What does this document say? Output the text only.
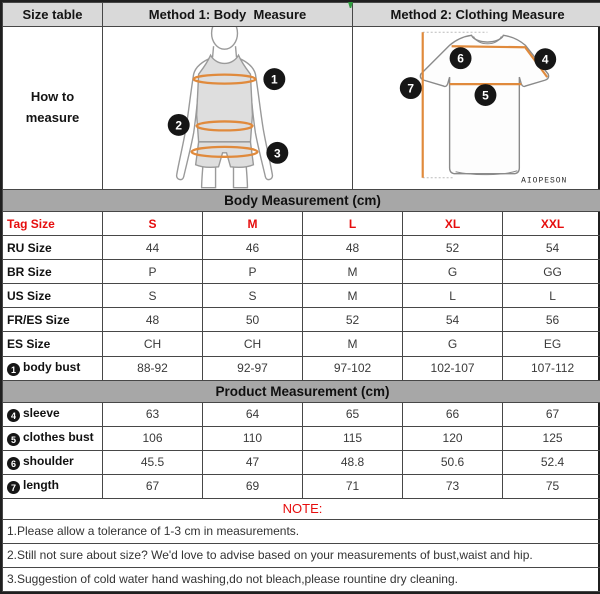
Size table	Method 1: Body  Measure			Method 2: Clothing Measure		

How to
measure

1
2
3

6	4
5
7
AIOPESON

Body Measurement (cm)						
Tag Size	S	M	L		XL	XXL
RU Size	44	46	48		52	54
BR Size	P	P	M		G	GG
US Size	S	S	M		L	L
FR/ES Size	48	50	52		54	56
ES Size	CH	CH	M		G	EG
1 body bust	88-92	92-97	97-102		102-107	107-112
Product Measurement (cm)						
4 sleeve	63	64	65		66	67
5 clothes bust	106	110	115		120	125
6 shoulder	45.5	47	48.8		50.6	52.4
7 length	67	69	71		73	75
NOTE:						
1.Please allow a tolerance of 1-3 cm in measurements.						
2.Still not sure about size? We'd love to advise based on your measurements of bust,waist and hip.						
3.Suggestion of cold water hand washing,do not bleach,please rountine dry cleaning.						
